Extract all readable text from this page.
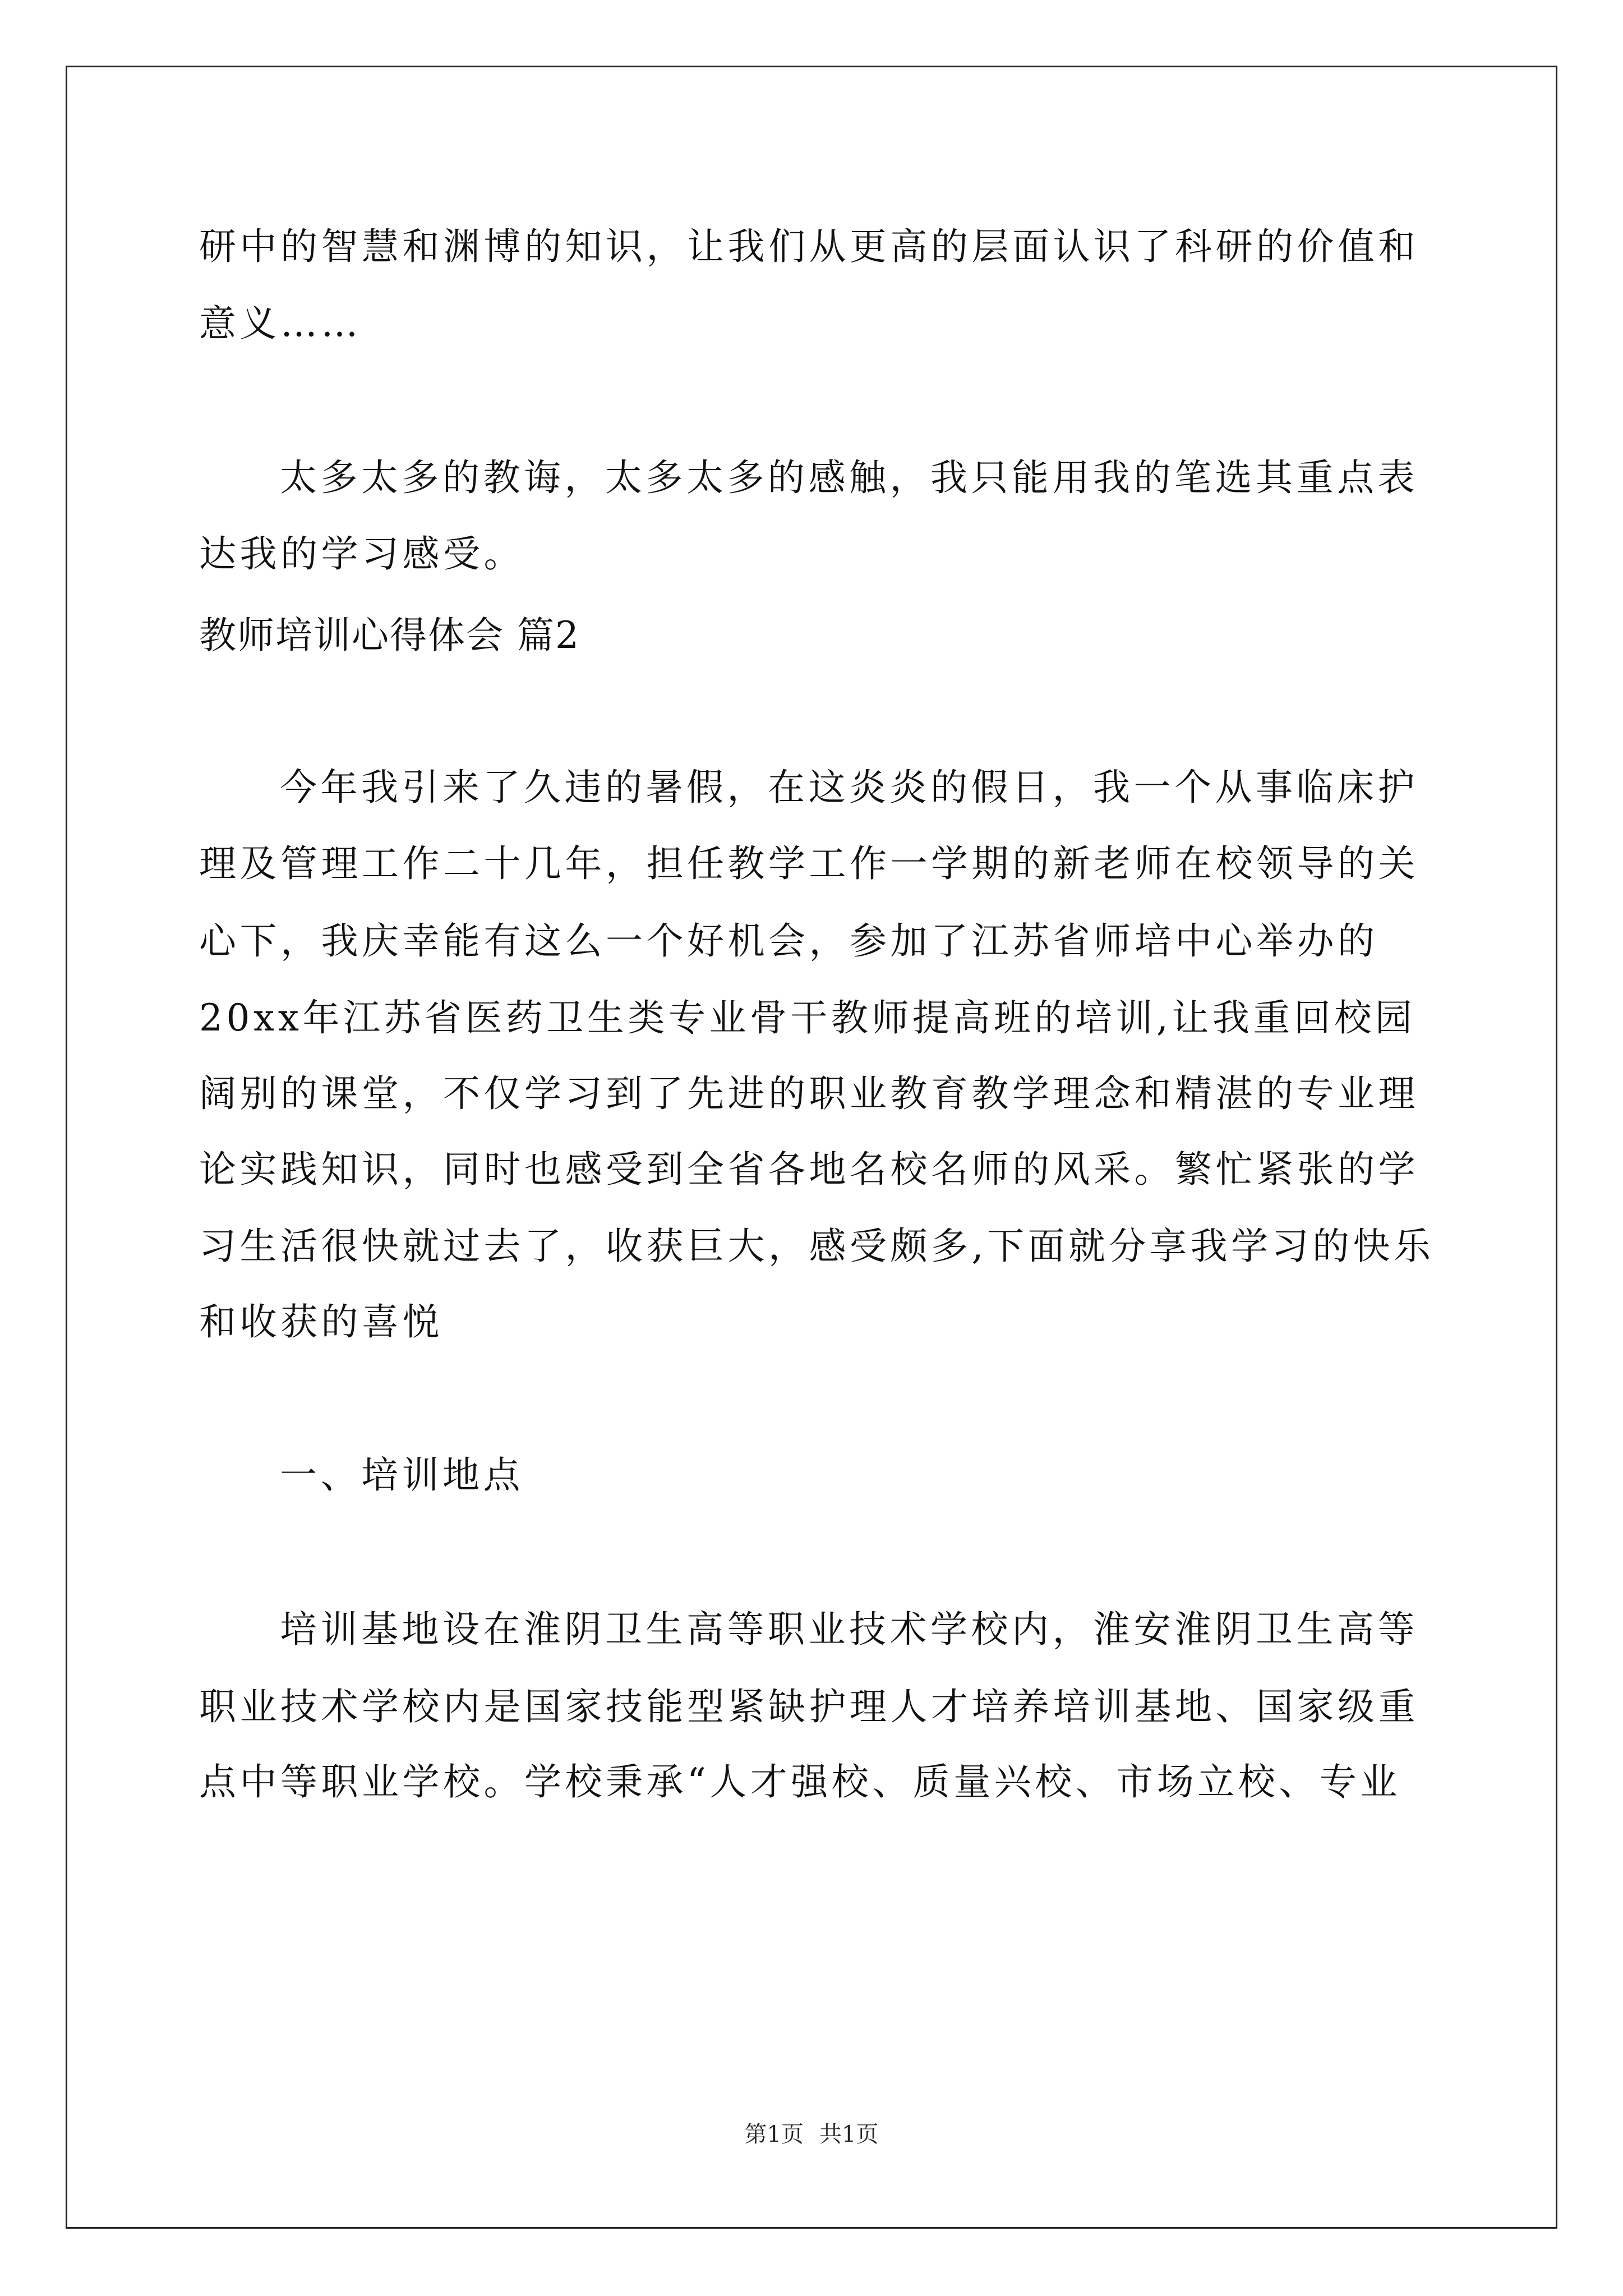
研中的智慧和渊博的知识，让我们从更高的层面认识了科研的价值和
意义……
太多太多的教诲，太多太多的感触，我只能用我的笔选其重点表
达我的学习感受。
教师培训心得体会 篇2
今年我引来了久违的暑假，在这炎炎的假日，我一个从事临床护
理及管理工作二十几年，担任教学工作一学期的新老师在校领导的关
心下，我庆幸能有这么一个好机会，参加了江苏省师培中心举办的
20xx年江苏省医药卫生类专业骨干教师提高班的培训,让我重回校园
阔别的课堂，不仅学习到了先进的职业教育教学理念和精湛的专业理
论实践知识，同时也感受到全省各地名校名师的风采。繁忙紧张的学
习生活很快就过去了，收获巨大，感受颇多,下面就分享我学习的快乐
和收获的喜悦
一、培训地点
培训基地设在淮阴卫生高等职业技术学校内，淮安淮阴卫生高等
职业技术学校内是国家技能型紧缺护理人才培养培训基地、国家级重
点中等职业学校。学校秉承“人才强校、质量兴校、市场立校、专业
第1页 共1页
